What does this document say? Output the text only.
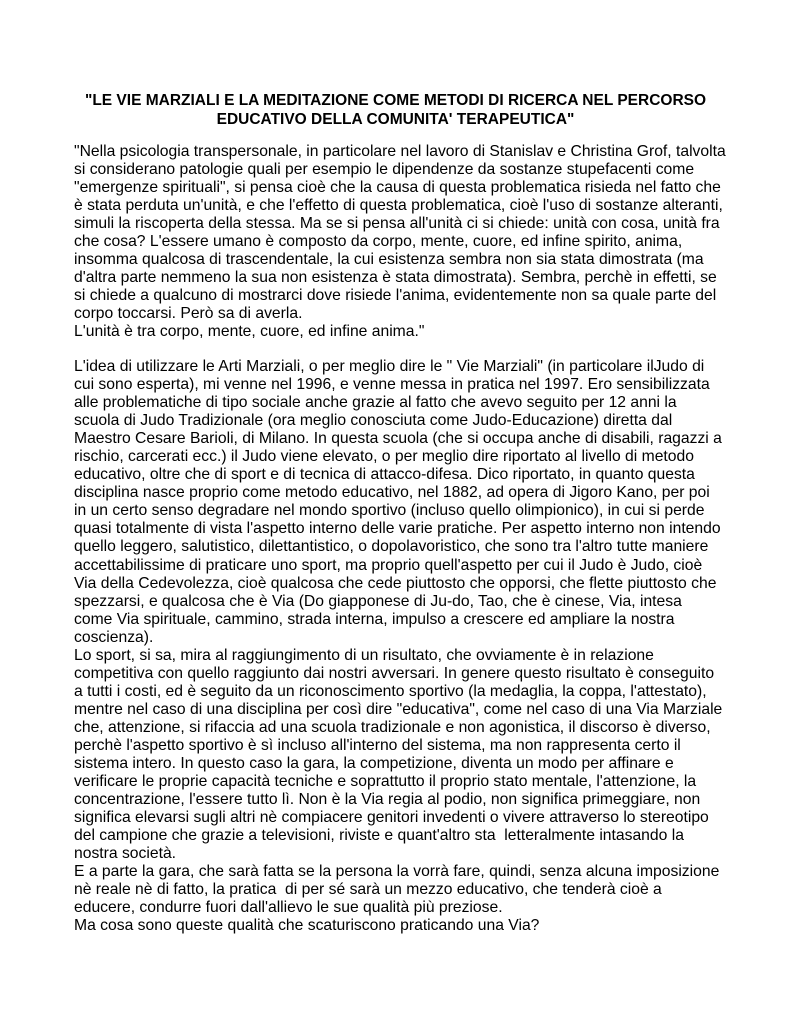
"LE VIE MARZIALI E LA MEDITAZIONE COME METODI DI RICERCA NEL PERCORSO
EDUCATIVO DELLA COMUNITA' TERAPEUTICA"

"Nella psicologia transpersonale, in particolare nel lavoro di Stanislav e Christina Grof, talvolta
si considerano patologie quali per esempio le dipendenze da sostanze stupefacenti come
"emergenze spirituali", si pensa cioè che la causa di questa problematica risieda nel fatto che
è stata perduta un'unità, e che l'effetto di questa problematica, cioè l'uso di sostanze alteranti,
simuli la riscoperta della stessa. Ma se si pensa all'unità ci si chiede: unità con cosa, unità fra
che cosa? L'essere umano è composto da corpo, mente, cuore, ed infine spirito, anima,
insomma qualcosa di trascendentale, la cui esistenza sembra non sia stata dimostrata (ma
d'altra parte nemmeno la sua non esistenza è stata dimostrata). Sembra, perchè in effetti, se
si chiede a qualcuno di mostrarci dove risiede l'anima, evidentemente non sa quale parte del
corpo toccarsi. Però sa di averla.
L'unità è tra corpo, mente, cuore, ed infine anima."

L'idea di utilizzare le Arti Marziali, o per meglio dire le " Vie Marziali" (in particolare ilJudo di
cui sono esperta), mi venne nel 1996, e venne messa in pratica nel 1997. Ero sensibilizzata
alle problematiche di tipo sociale anche grazie al fatto che avevo seguito per 12 anni la
scuola di Judo Tradizionale (ora meglio conosciuta come Judo-Educazione) diretta dal
Maestro Cesare Barioli, di Milano. In questa scuola (che si occupa anche di disabili, ragazzi a
rischio, carcerati ecc.) il Judo viene elevato, o per meglio dire riportato al livello di metodo
educativo, oltre che di sport e di tecnica di attacco-difesa. Dico riportato, in quanto questa
disciplina nasce proprio come metodo educativo, nel 1882, ad opera di Jigoro Kano, per poi
in un certo senso degradare nel mondo sportivo (incluso quello olimpionico), in cui si perde
quasi totalmente di vista l'aspetto interno delle varie pratiche. Per aspetto interno non intendo
quello leggero, salutistico, dilettantistico, o dopolavoristico, che sono tra l'altro tutte maniere
accettabilissime di praticare uno sport, ma proprio quell'aspetto per cui il Judo è Judo, cioè
Via della Cedevolezza, cioè qualcosa che cede piuttosto che opporsi, che flette piuttosto che
spezzarsi, e qualcosa che è Via (Do giapponese di Ju-do, Tao, che è cinese, Via, intesa
come Via spirituale, cammino, strada interna, impulso a crescere ed ampliare la nostra
coscienza).
Lo sport, si sa, mira al raggiungimento di un risultato, che ovviamente è in relazione
competitiva con quello raggiunto dai nostri avversari. In genere questo risultato è conseguito
a tutti i costi, ed è seguito da un riconoscimento sportivo (la medaglia, la coppa, l'attestato),
mentre nel caso di una disciplina per così dire "educativa", come nel caso di una Via Marziale
che, attenzione, si rifaccia ad una scuola tradizionale e non agonistica, il discorso è diverso,
perchè l'aspetto sportivo è sì incluso all'interno del sistema, ma non rappresenta certo il
sistema intero. In questo caso la gara, la competizione, diventa un modo per affinare e
verificare le proprie capacità tecniche e soprattutto il proprio stato mentale, l'attenzione, la
concentrazione, l'essere tutto lì. Non è la Via regia al podio, non significa primeggiare, non
significa elevarsi sugli altri nè compiacere genitori invedenti o vivere attraverso lo stereotipo
del campione che grazie a televisioni, riviste e quant'altro sta  letteralmente intasando la
nostra società.
E a parte la gara, che sarà fatta se la persona la vorrà fare, quindi, senza alcuna imposizione
nè reale nè di fatto, la pratica  di per sé sarà un mezzo educativo, che tenderà cioè a
educere, condurre fuori dall'allievo le sue qualità più preziose.
Ma cosa sono queste qualità che scaturiscono praticando una Via?
